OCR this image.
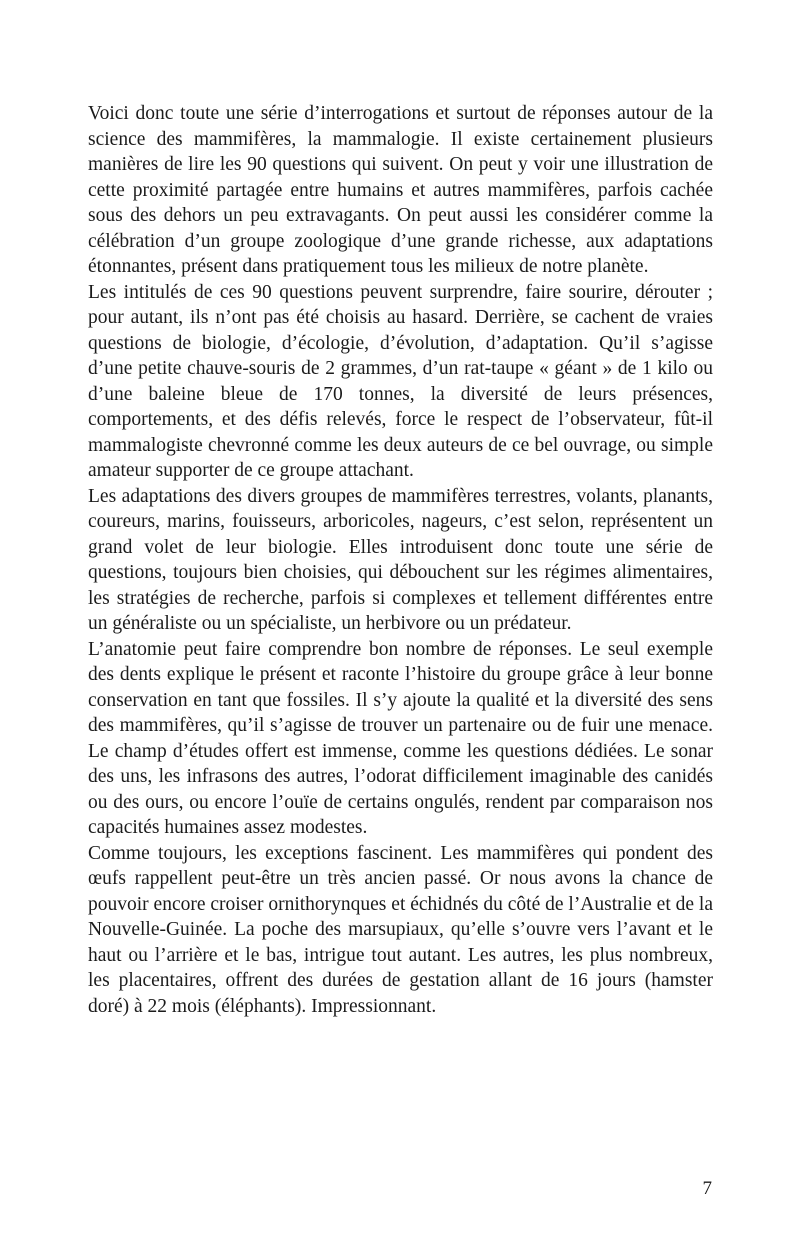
Voici donc toute une série d’interrogations et surtout de réponses autour de la science des mammifères, la mammalogie. Il existe certainement plusieurs manières de lire les 90 questions qui suivent. On peut y voir une illustration de cette proximité partagée entre humains et autres mammifères, parfois cachée sous des dehors un peu extravagants. On peut aussi les considérer comme la célébration d’un groupe zoologique d’une grande richesse, aux adaptations étonnantes, présent dans pratiquement tous les milieux de notre planète.

Les intitulés de ces 90 questions peuvent surprendre, faire sourire, dérouter ; pour autant, ils n’ont pas été choisis au hasard. Derrière, se cachent de vraies questions de biologie, d’écologie, d’évolution, d’adaptation. Qu’il s’agisse d’une petite chauve-souris de 2 grammes, d’un rat-taupe « géant » de 1 kilo ou d’une baleine bleue de 170 tonnes, la diversité de leurs présences, comportements, et des défis relevés, force le respect de l’observateur, fût-il mammalogiste chevronné comme les deux auteurs de ce bel ouvrage, ou simple amateur supporter de ce groupe attachant.

Les adaptations des divers groupes de mammifères terrestres, volants, planants, coureurs, marins, fouisseurs, arboricoles, nageurs, c’est selon, représentent un grand volet de leur biologie. Elles introduisent donc toute une série de questions, toujours bien choisies, qui débouchent sur les régimes alimentaires, les stratégies de recherche, parfois si complexes et tellement différentes entre un généraliste ou un spécialiste, un herbivore ou un prédateur.

L’anatomie peut faire comprendre bon nombre de réponses. Le seul exemple des dents explique le présent et raconte l’histoire du groupe grâce à leur bonne conservation en tant que fossiles. Il s’y ajoute la qualité et la diversité des sens des mammifères, qu’il s’agisse de trouver un partenaire ou de fuir une menace. Le champ d’études offert est immense, comme les questions dédiées. Le sonar des uns, les infrasons des autres, l’odorat difficilement imaginable des canidés ou des ours, ou encore l’ouïe de certains ongulés, rendent par comparaison nos capacités humaines assez modestes.

Comme toujours, les exceptions fascinent. Les mammifères qui pondent des œufs rappellent peut-être un très ancien passé. Or nous avons la chance de pouvoir encore croiser ornithorynques et échidnés du côté de l’Australie et de la Nouvelle-Guinée. La poche des marsupiaux, qu’elle s’ouvre vers l’avant et le haut ou l’arrière et le bas, intrigue tout autant. Les autres, les plus nombreux, les placentaires, offrent des durées de gestation allant de 16 jours (hamster doré) à 22 mois (éléphants). Impressionnant.

7
